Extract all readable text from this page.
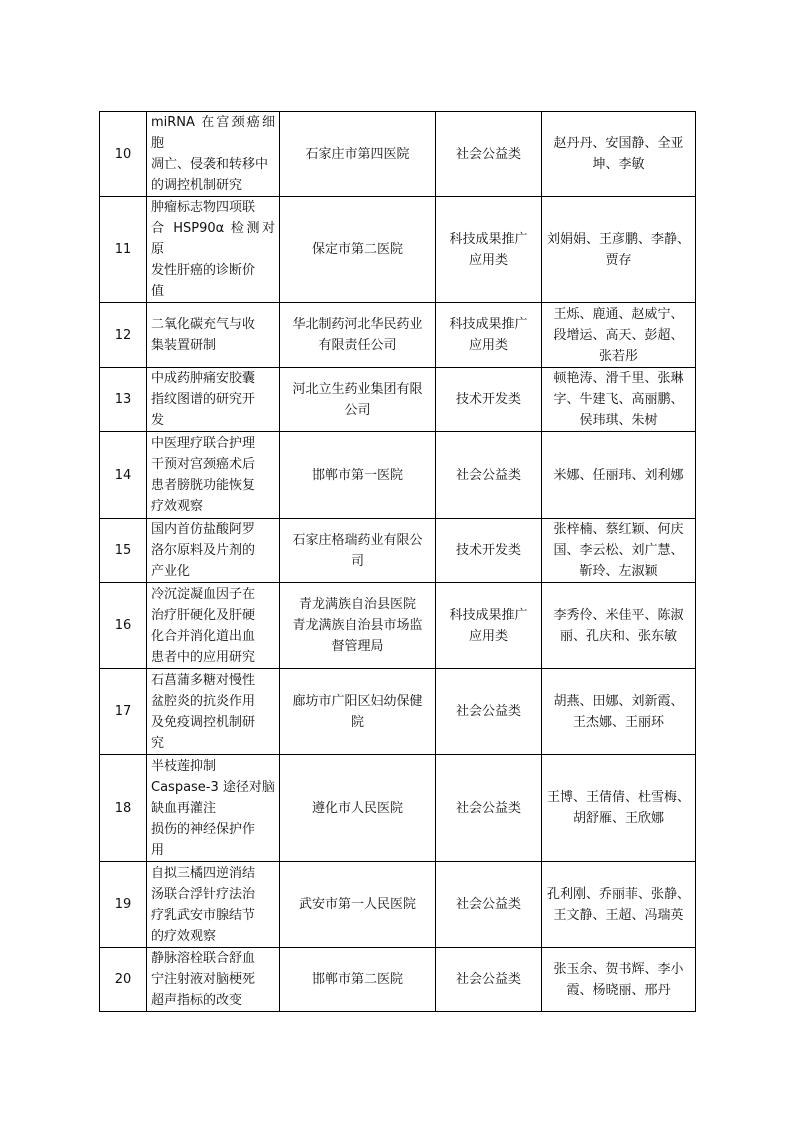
10	miRNA 在宫颈癌细胞
凋亡、侵袭和转移中
的调控机制研究	石家庄市第四医院	社会公益类	赵丹丹、安国静、全亚
坤、李敏

11	肿瘤标志物四项联
合 HSP90α 检测对原
发性肝癌的诊断价
值	保定市第二医院	科技成果推广
应用类	刘娟娟、王彦鹏、李静、
贾存

12	二氧化碳充气与收
集装置研制	华北制药河北华民药业
有限责任公司	科技成果推广
应用类	王烁、鹿通、赵威宁、
段增运、高天、彭超、
张若彤

13	中成药肿痛安胶囊
指纹图谱的研究开
发	河北立生药业集团有限
公司	技术开发类	顿艳涛、滑千里、张琳
字、牛建飞、高丽鹏、
侯玮琪、朱树

14	中医理疗联合护理
干预对宫颈癌术后
患者膀胱功能恢复
疗效观察	邯郸市第一医院	社会公益类	米娜、任丽玮、刘利娜

15	国内首仿盐酸阿罗
洛尔原料及片剂的
产业化	石家庄格瑞药业有限公
司	技术开发类	张梓楠、蔡红颖、何庆
国、李云松、刘广慧、
靳玲、左淑颖

16	冷沉淀凝血因子在
治疗肝硬化及肝硬
化合并消化道出血
患者中的应用研究	青龙满族自治县医院
青龙满族自治县市场监
督管理局	科技成果推广
应用类	李秀伶、米佳平、陈淑
丽、孔庆和、张东敏

17	石菖蒲多糖对慢性
盆腔炎的抗炎作用
及免疫调控机制研
究	廊坊市广阳区妇幼保健
院	社会公益类	胡燕、田娜、刘新霞、
王杰娜、王丽环

18	半枝莲抑制
Caspase-3 途径对脑
缺血再灌注
损伤的神经保护作
用	遵化市人民医院	社会公益类	王博、王倩倩、杜雪梅、
胡舒雁、王欣娜

19	自拟三橘四逆消结
汤联合浮针疗法治
疗乳武安市腺结节
的疗效观察	武安市第一人民医院	社会公益类	孔利刚、乔丽菲、张静、
王文静、王超、冯瑞英

20	静脉溶栓联合舒血
宁注射液对脑梗死
超声指标的改变	邯郸市第二医院	社会公益类	张玉余、贺书辉、李小
霞、杨晓丽、邢丹
